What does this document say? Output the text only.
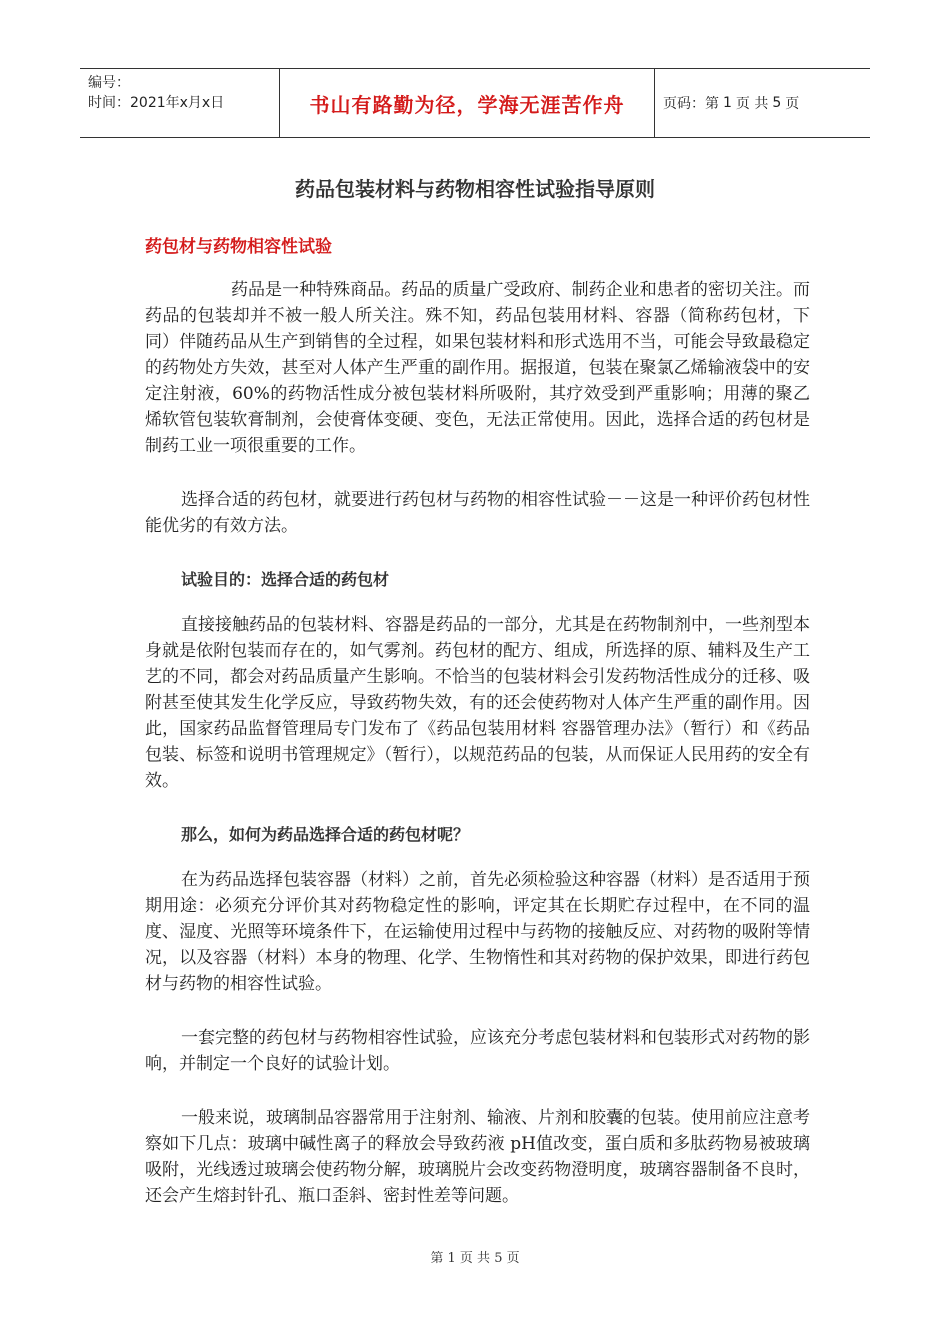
编号：
时间：2021年x月x日	书山有路勤为径，学海无涯苦作舟	页码：第 1 页 共 5 页
药品包装材料与药物相容性试验指导原则
药包材与药物相容性试验

药品是一种特殊商品。药品的质量广受政府、制药企业和患者的密切关注。而药品的包装却并不被一般人所关注。殊不知，药品包装用材料、容器（简称药包材，下同）伴随药品从生产到销售的全过程，如果包装材料和形式选用不当，可能会导致最稳定的药物处方失效，甚至对人体产生严重的副作用。据报道，包装在聚氯乙烯输液袋中的安定注射液，60%的药物活性成分被包装材料所吸附，其疗效受到严重影响；用薄的聚乙烯软管包装软膏制剂，会使膏体变硬、变色，无法正常使用。因此，选择合适的药包材是制药工业一项很重要的工作。

选择合适的药包材，就要进行药包材与药物的相容性试验－－这是一种评价药包材性能优劣的有效方法。

试验目的：选择合适的药包材

直接接触药品的包装材料、容器是药品的一部分，尤其是在药物制剂中，一些剂型本身就是依附包装而存在的，如气雾剂。药包材的配方、组成，所选择的原、辅料及生产工艺的不同，都会对药品质量产生影响。不恰当的包装材料会引发药物活性成分的迁移、吸附甚至使其发生化学反应，导致药物失效，有的还会使药物对人体产生严重的副作用。因此，国家药品监督管理局专门发布了《药品包装用材料 容器管理办法》（暂行）和《药品包装、标签和说明书管理规定》（暂行），以规范药品的包装，从而保证人民用药的安全有效。

那么，如何为药品选择合适的药包材呢？

在为药品选择包装容器（材料）之前，首先必须检验这种容器（材料）是否适用于预期用途：必须充分评价其对药物稳定性的影响，评定其在长期贮存过程中，在不同的温度、湿度、光照等环境条件下，在运输使用过程中与药物的接触反应、对药物的吸附等情况，以及容器（材料）本身的物理、化学、生物惰性和其对药物的保护效果，即进行药包材与药物的相容性试验。

一套完整的药包材与药物相容性试验，应该充分考虑包装材料和包装形式对药物的影响，并制定一个良好的试验计划。

一般来说，玻璃制品容器常用于注射剂、输液、片剂和胶囊的包装。使用前应注意考察如下几点：玻璃中碱性离子的释放会导致药液 pH值改变，蛋白质和多肽药物易被玻璃吸附，光线透过玻璃会使药物分解，玻璃脱片会改变药物澄明度，玻璃容器制备不良时，还会产生熔封针孔、瓶口歪斜、密封性差等问题。

第 1 页 共 5 页
